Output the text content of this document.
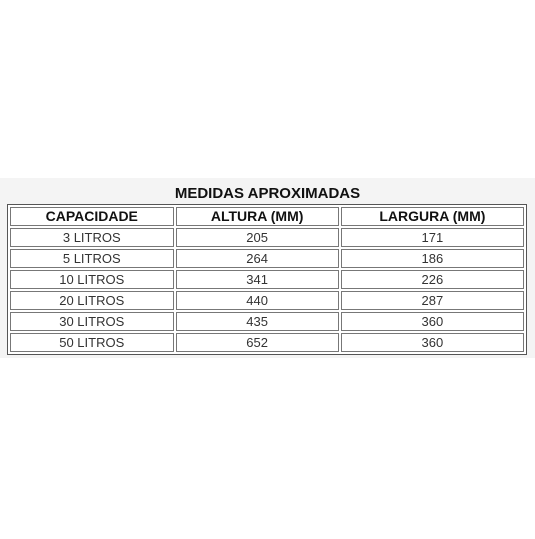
MEDIDAS APROXIMADAS
CAPACIDADE	ALTURA (MM)	LARGURA (MM)
3 LITROS	205	171
5 LITROS	264	186
10 LITROS	341	226
20 LITROS	440	287
30 LITROS	435	360
50 LITROS	652	360
